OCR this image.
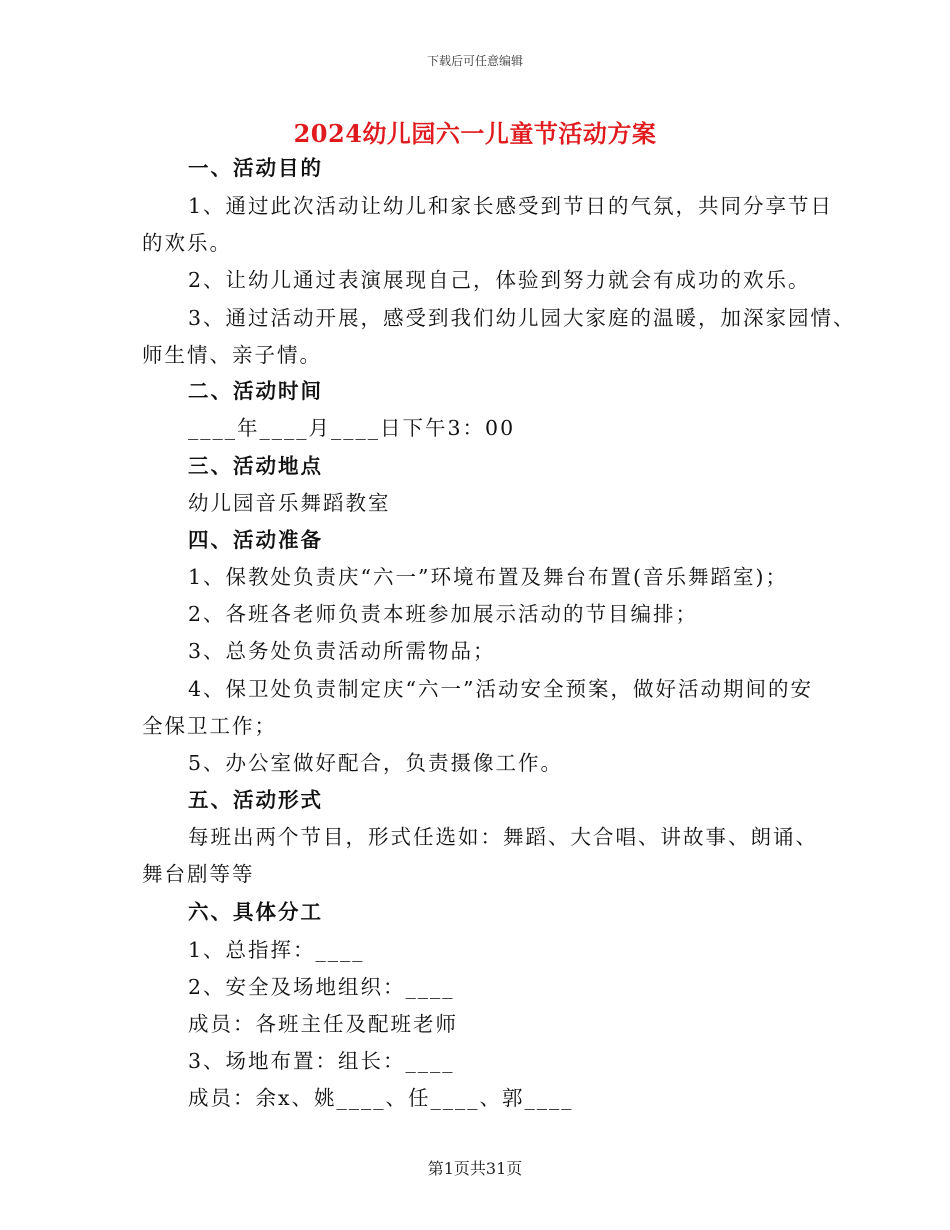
下载后可任意编辑
2024幼儿园六一儿童节活动方案
一、活动目的
1、通过此次活动让幼儿和家长感受到节日的气氛，共同分享节日
的欢乐。
2、让幼儿通过表演展现自己，体验到努力就会有成功的欢乐。
3、通过活动开展，感受到我们幼儿园大家庭的温暖，加深家园情、
师生情、亲子情。
二、活动时间
____年____月____日下午3：00
三、活动地点
幼儿园音乐舞蹈教室
四、活动准备
1、保教处负责庆“六一”环境布置及舞台布置(音乐舞蹈室)；
2、各班各老师负责本班参加展示活动的节目编排；
3、总务处负责活动所需物品；
4、保卫处负责制定庆“六一”活动安全预案，做好活动期间的安
全保卫工作；
5、办公室做好配合，负责摄像工作。
五、活动形式
每班出两个节目，形式任选如：舞蹈、大合唱、讲故事、朗诵、
舞台剧等等
六、具体分工
1、总指挥：____
2、安全及场地组织：____
成员：各班主任及配班老师
3、场地布置：组长：____
成员：余x、姚____、任____、郭____
第1页共31页
